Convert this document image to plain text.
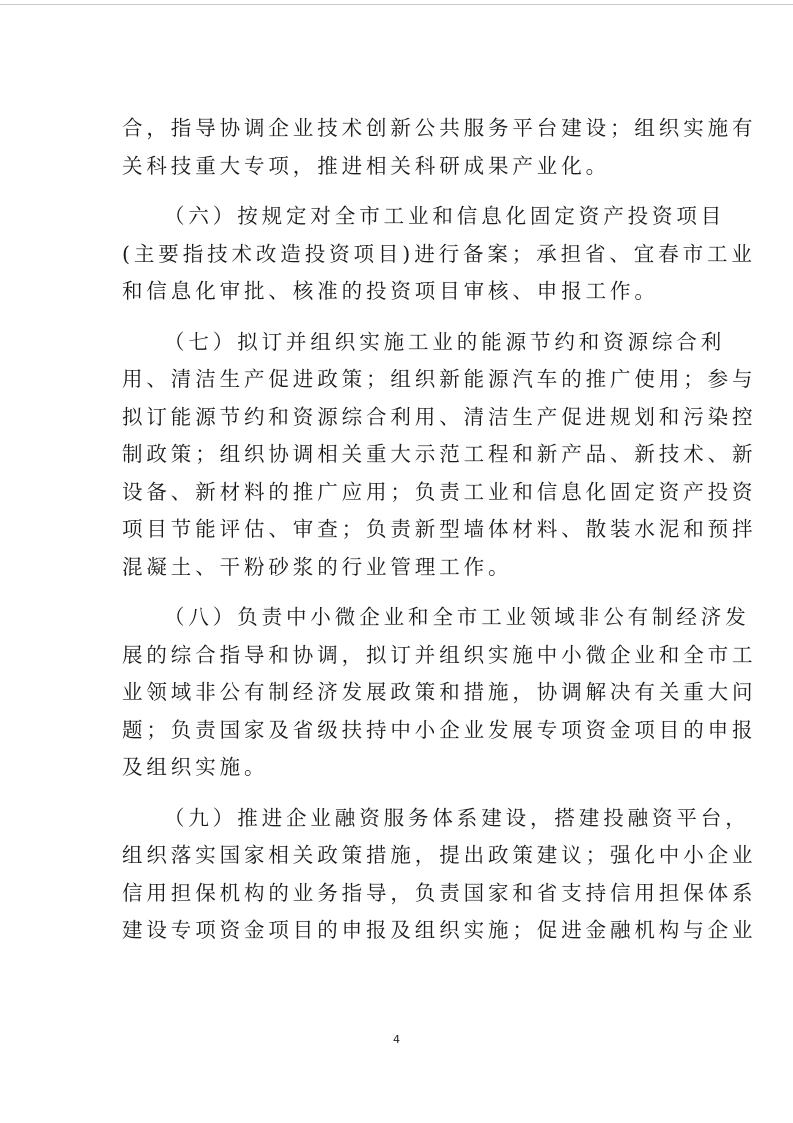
合，指导协调企业技术创新公共服务平台建设；组织实施有
关科技重大专项，推进相关科研成果产业化。
（六）按规定对全市工业和信息化固定资产投资项目
(主要指技术改造投资项目)进行备案；承担省、宜春市工业
和信息化审批、核准的投资项目审核、申报工作。
（七）拟订并组织实施工业的能源节约和资源综合利
用、清洁生产促进政策；组织新能源汽车的推广使用；参与
拟订能源节约和资源综合利用、清洁生产促进规划和污染控
制政策；组织协调相关重大示范工程和新产品、新技术、新
设备、新材料的推广应用；负责工业和信息化固定资产投资
项目节能评估、审查；负责新型墙体材料、散装水泥和预拌
混凝土、干粉砂浆的行业管理工作。
（八）负责中小微企业和全市工业领域非公有制经济发
展的综合指导和协调，拟订并组织实施中小微企业和全市工
业领域非公有制经济发展政策和措施，协调解决有关重大问
题；负责国家及省级扶持中小企业发展专项资金项目的申报
及组织实施。
（九）推进企业融资服务体系建设，搭建投融资平台，
组织落实国家相关政策措施，提出政策建议；强化中小企业
信用担保机构的业务指导，负责国家和省支持信用担保体系
建设专项资金项目的申报及组织实施；促进金融机构与企业
4
